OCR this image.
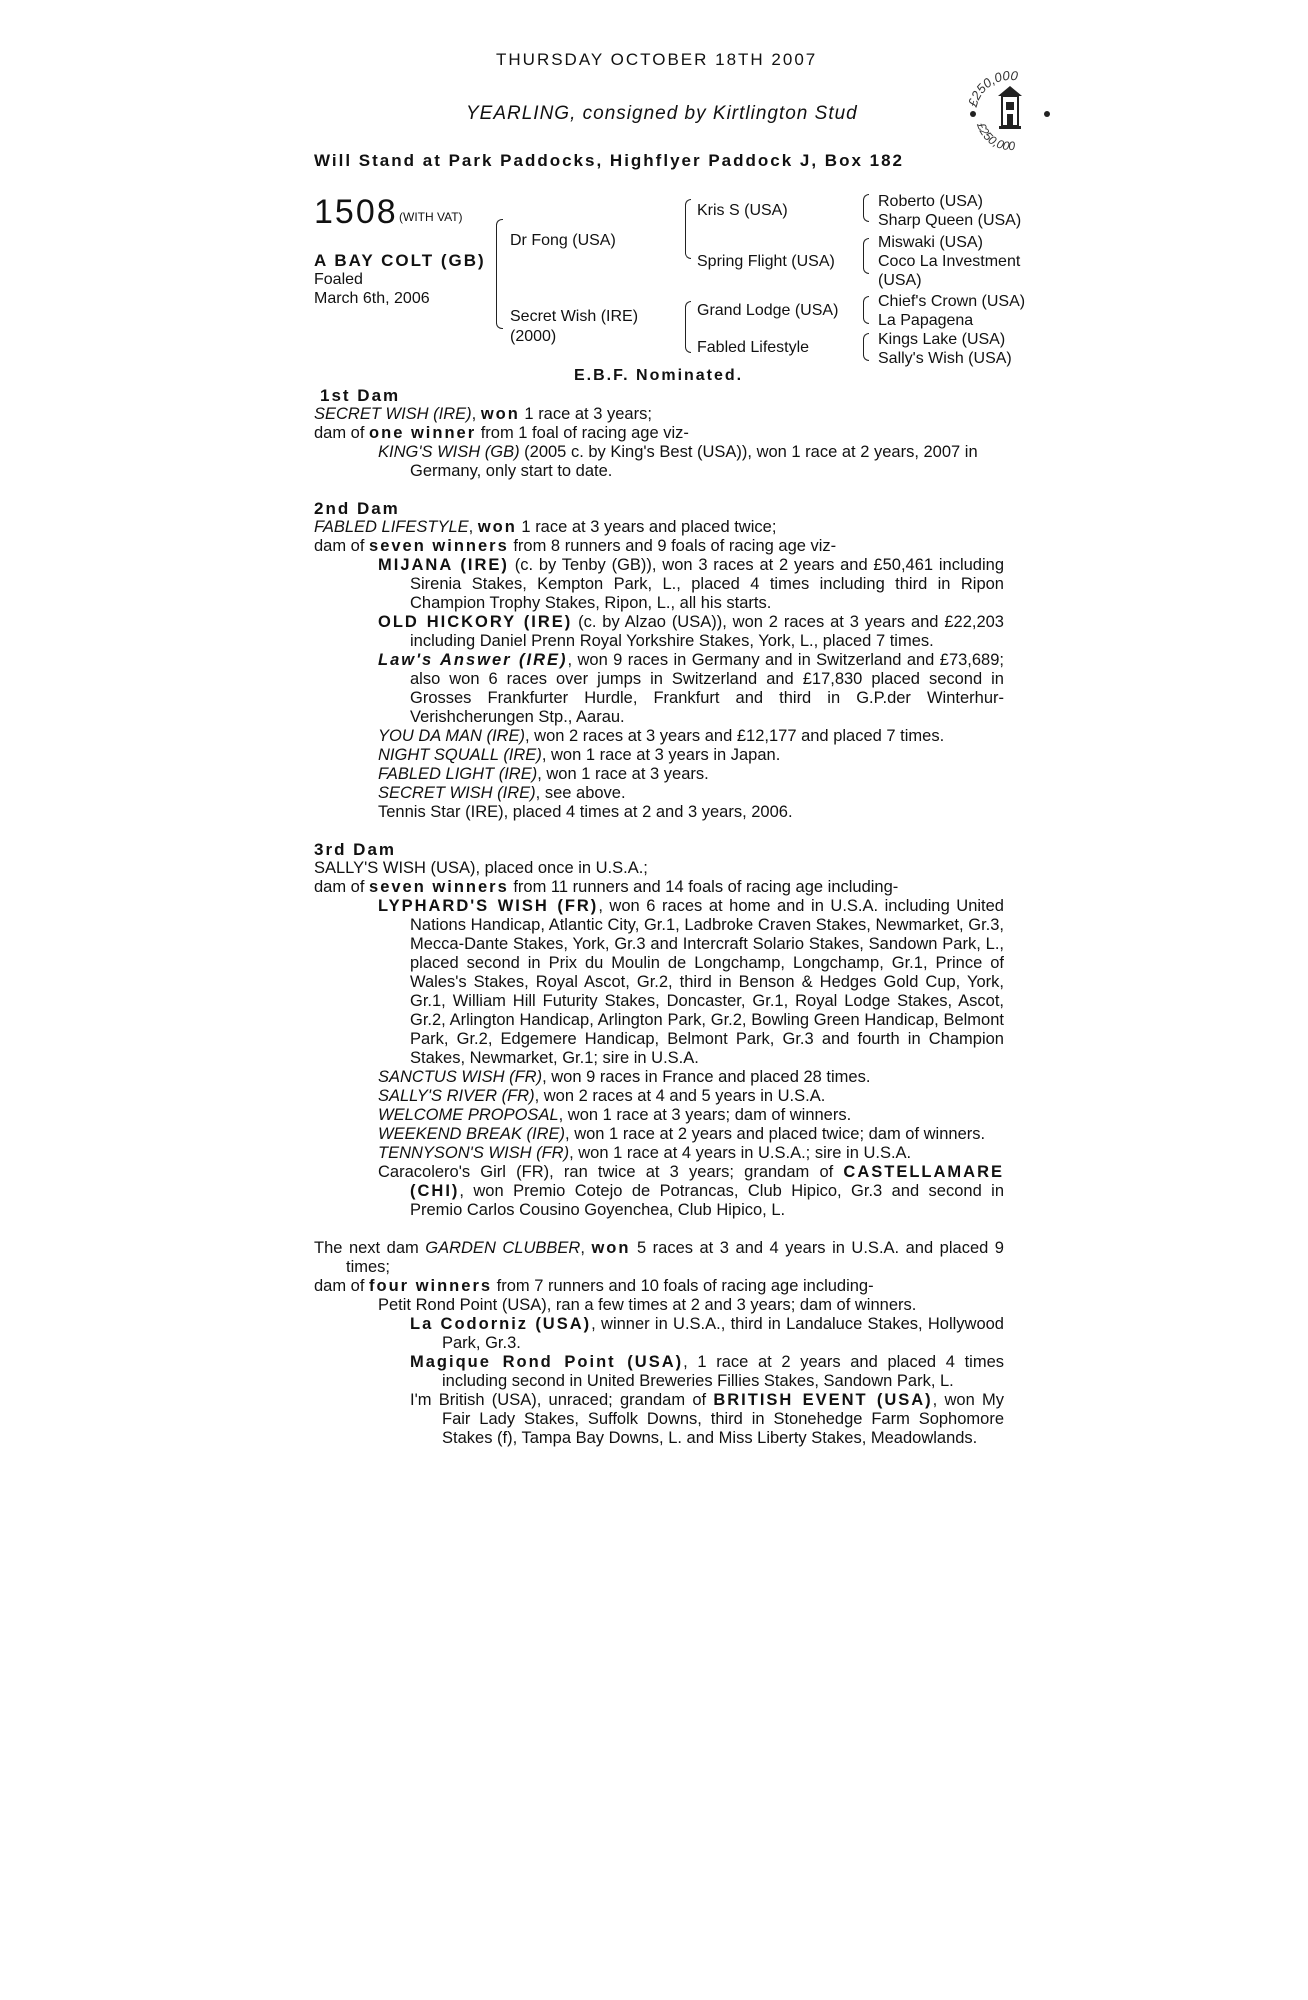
THURSDAY OCTOBER 18TH 2007
YEARLING, consigned by Kirtlington Stud
Will Stand at Park Paddocks, Highflyer Paddock J, Box 182
£250,000
£250,000
1508 (WITH VAT)
A BAY COLT (GB)
Foaled
March 6th, 2006
Dr Fong (USA)
Secret Wish (IRE)
(2000)
Kris S (USA)
Spring Flight (USA)
Grand Lodge (USA)
Fabled Lifestyle
Roberto (USA)
Sharp Queen (USA)
Miswaki (USA)
Coco La Investment
(USA)
Chief's Crown (USA)
La Papagena
Kings Lake (USA)
Sally's Wish (USA)
E.B.F. Nominated.

1st Dam

SECRET WISH (IRE), won 1 race at 3 years;

dam of one winner from 1 foal of racing age viz-

KING'S WISH (GB) (2005 c. by King's Best (USA)), won 1 race at 2 years, 2007 in Germany, only start to date.

2nd Dam

FABLED LIFESTYLE, won 1 race at 3 years and placed twice;

dam of seven winners from 8 runners and 9 foals of racing age viz-

MIJANA (IRE) (c. by Tenby (GB)), won 3 races at 2 years and £50,461 including Sirenia Stakes, Kempton Park, L., placed 4 times including third in Ripon Champion Trophy Stakes, Ripon, L., all his starts.

OLD HICKORY (IRE) (c. by Alzao (USA)), won 2 races at 3 years and £22,203 including Daniel Prenn Royal Yorkshire Stakes, York, L., placed 7 times.

Law's Answer (IRE), won 9 races in Germany and in Switzerland and £73,689; also won 6 races over jumps in Switzerland and £17,830 placed second in Grosses Frankfurter Hurdle, Frankfurt and third in G.P.der Winterhur-Verishcherungen Stp., Aarau.

YOU DA MAN (IRE), won 2 races at 3 years and £12,177 and placed 7 times.

NIGHT SQUALL (IRE), won 1 race at 3 years in Japan.

FABLED LIGHT (IRE), won 1 race at 3 years.

SECRET WISH (IRE), see above.

Tennis Star (IRE), placed 4 times at 2 and 3 years, 2006.

3rd Dam

SALLY'S WISH (USA), placed once in U.S.A.;

dam of seven winners from 11 runners and 14 foals of racing age including-

LYPHARD'S WISH (FR), won 6 races at home and in U.S.A. including United Nations Handicap, Atlantic City, Gr.1, Ladbroke Craven Stakes, Newmarket, Gr.3, Mecca-Dante Stakes, York, Gr.3 and Intercraft Solario Stakes, Sandown Park, L., placed second in Prix du Moulin de Longchamp, Longchamp, Gr.1, Prince of Wales's Stakes, Royal Ascot, Gr.2, third in Benson & Hedges Gold Cup, York, Gr.1, William Hill Futurity Stakes, Doncaster, Gr.1, Royal Lodge Stakes, Ascot, Gr.2, Arlington Handicap, Arlington Park, Gr.2, Bowling Green Handicap, Belmont Park, Gr.2, Edgemere Handicap, Belmont Park, Gr.3 and fourth in Champion Stakes, Newmarket, Gr.1; sire in U.S.A.

SANCTUS WISH (FR), won 9 races in France and placed 28 times.

SALLY'S RIVER (FR), won 2 races at 4 and 5 years in U.S.A.

WELCOME PROPOSAL, won 1 race at 3 years; dam of winners.

WEEKEND BREAK (IRE), won 1 race at 2 years and placed twice; dam of winners.

TENNYSON'S WISH (FR), won 1 race at 4 years in U.S.A.; sire in U.S.A.

Caracolero's Girl (FR), ran twice at 3 years; grandam of CASTELLAMARE (CHI), won Premio Cotejo de Potrancas, Club Hipico, Gr.3 and second in Premio Carlos Cousino Goyenchea, Club Hipico, L.

The next dam GARDEN CLUBBER, won 5 races at 3 and 4 years in U.S.A. and placed 9 times;

dam of four winners from 7 runners and 10 foals of racing age including-

Petit Rond Point (USA), ran a few times at 2 and 3 years; dam of winners.

La Codorniz (USA), winner in U.S.A., third in Landaluce Stakes, Hollywood Park, Gr.3.

Magique Rond Point (USA), 1 race at 2 years and placed 4 times including second in United Breweries Fillies Stakes, Sandown Park, L.

I'm British (USA), unraced; grandam of BRITISH EVENT (USA), won My Fair Lady Stakes, Suffolk Downs, third in Stonehedge Farm Sophomore Stakes (f), Tampa Bay Downs, L. and Miss Liberty Stakes, Meadowlands.
